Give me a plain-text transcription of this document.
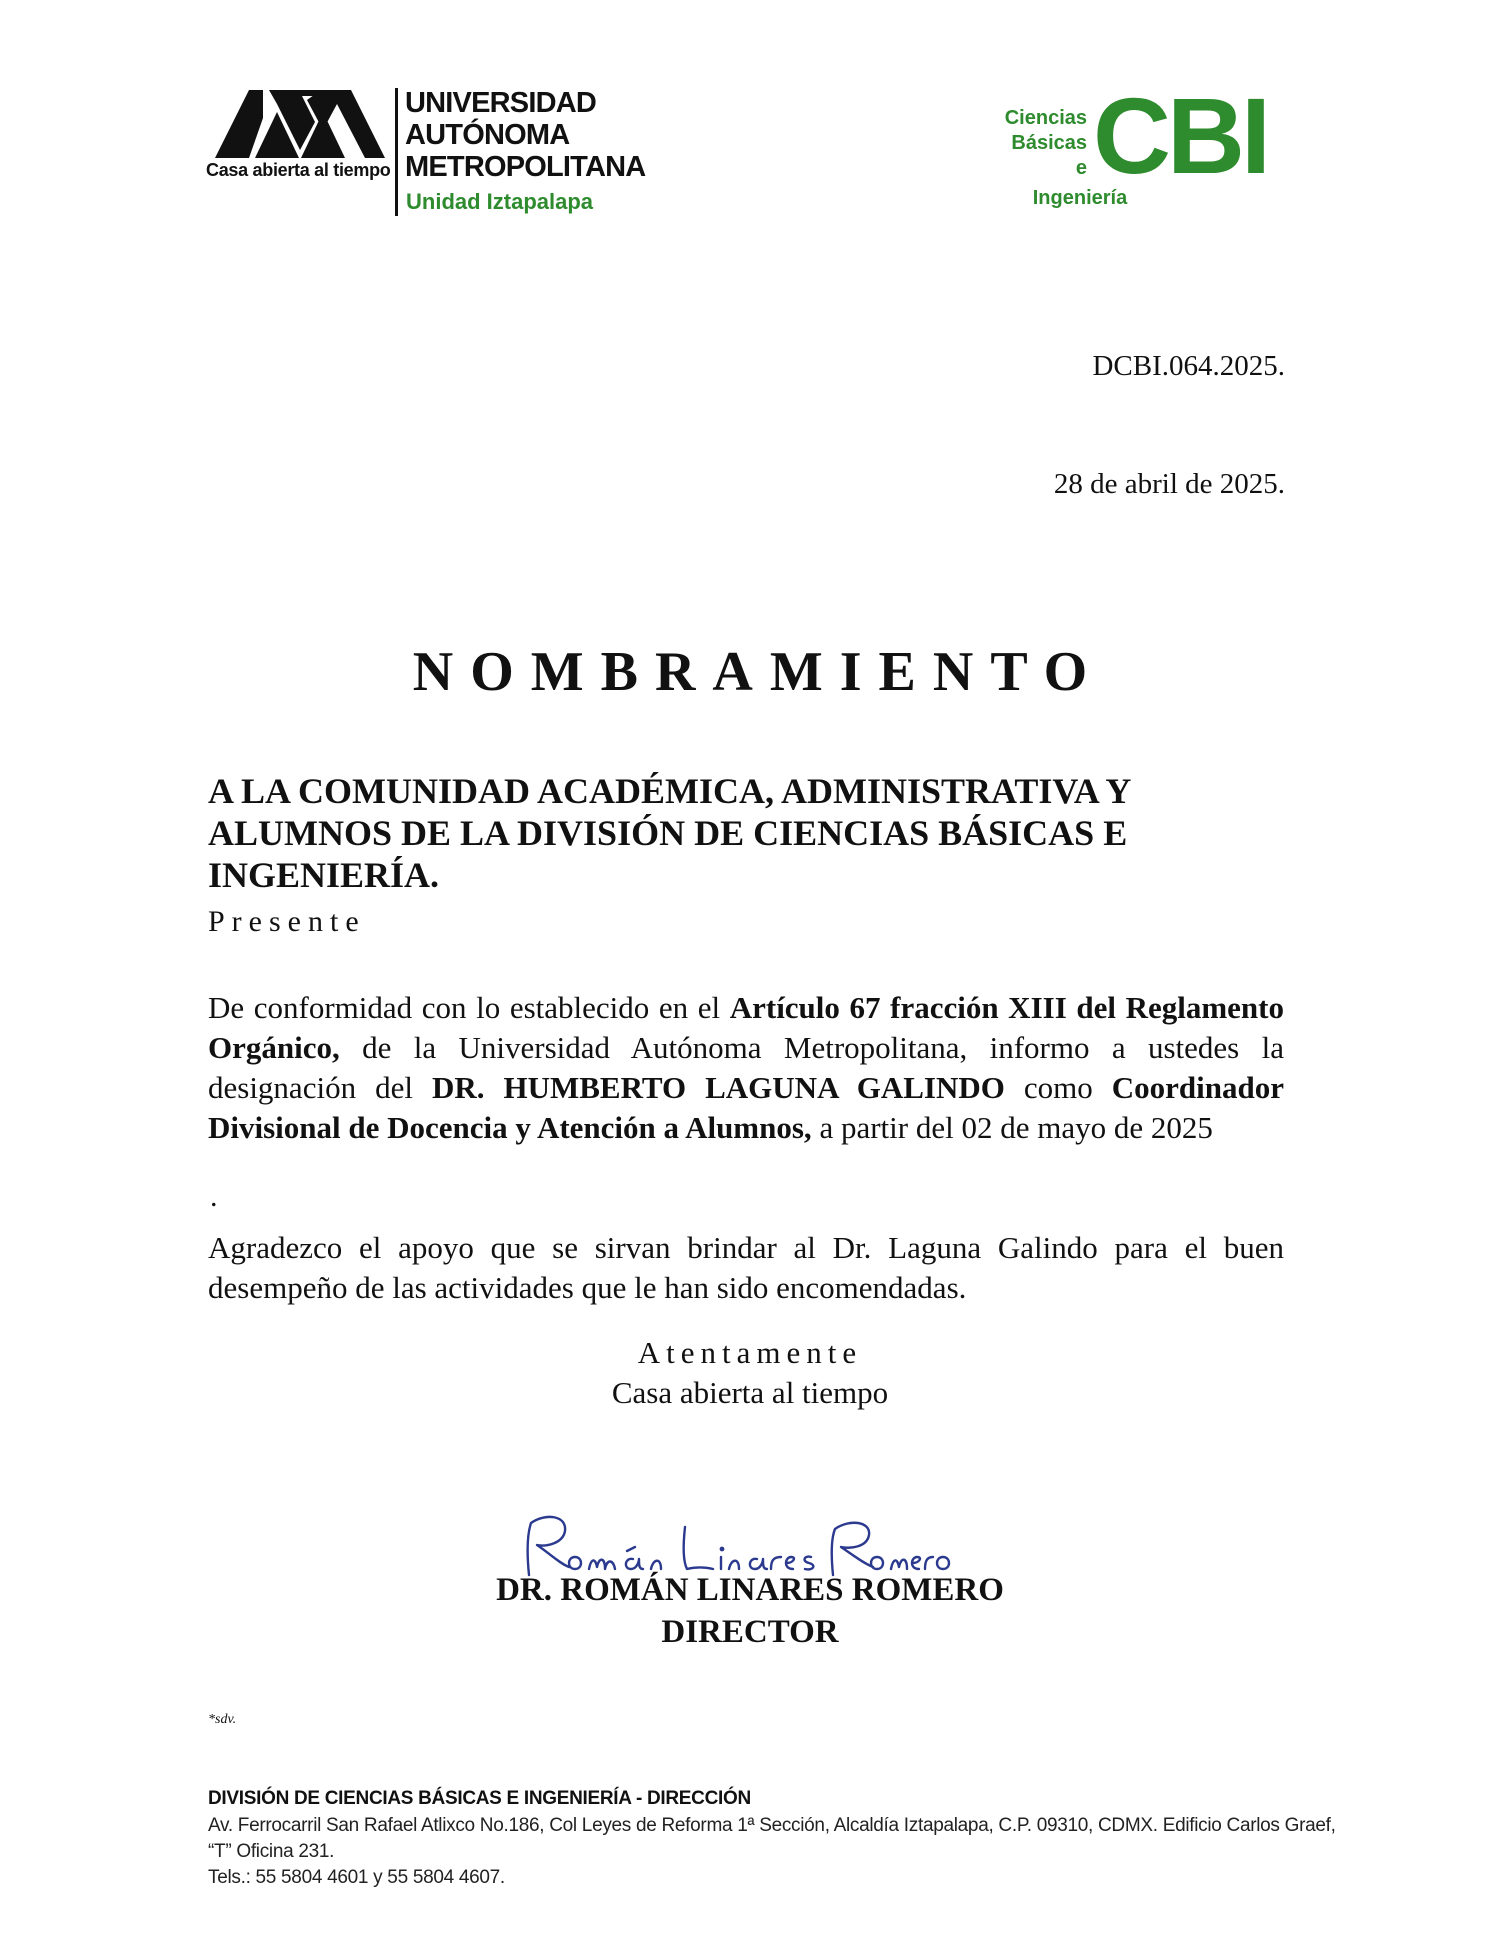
Casa abierta al tiempo
UNIVERSIDAD
AUTÓNOMA
METROPOLITANA
Unidad Iztapalapa
Ciencias
Básicas
e
Ingeniería
CBI
DCBI.064.2025.
28 de abril de 2025.
NOMBRAMIENTO
A LA COMUNIDAD ACADÉMICA, ADMINISTRATIVA Y ALUMNOS DE LA DIVISIÓN DE CIENCIAS BÁSICAS E INGENIERÍA.
Presente
De conformidad con lo establecido en el Artículo 67 fracción XIII del Reglamento Orgánico, de la Universidad Autónoma Metropolitana, informo a ustedes la designación del DR. HUMBERTO LAGUNA GALINDO como Coordinador Divisional de Docencia y Atención a Alumnos, a partir del 02 de mayo de 2025
.
Agradezco el apoyo que se sirvan brindar al Dr. Laguna Galindo para el buen desempeño de las actividades que le han sido encomendadas.
Atentamente
Casa abierta al tiempo
DR. ROMÁN LINARES ROMERO
DIRECTOR
*sdv.
DIVISIÓN DE CIENCIAS BÁSICAS E INGENIERÍA - DIRECCIÓN
Av. Ferrocarril San Rafael Atlixco No.186, Col Leyes de Reforma 1ª Sección, Alcaldía Iztapalapa, C.P. 09310, CDMX. Edificio Carlos Graef, “T” Oficina 231.
Tels.: 55 5804 4601 y 55 5804 4607.
